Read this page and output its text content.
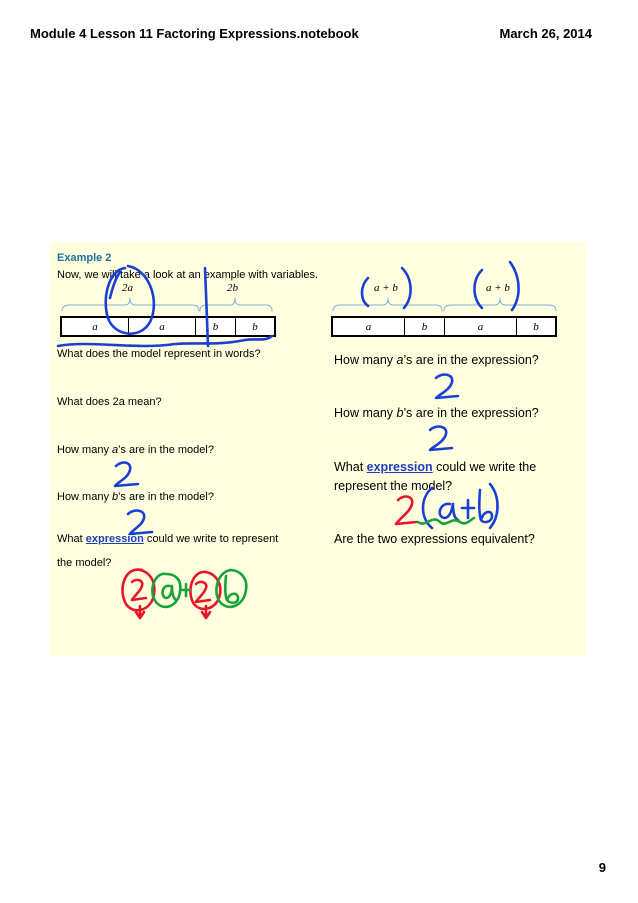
Module 4 Lesson 11 Factoring Expressions.notebook	March 26, 2014
Example 2
Now, we will take a look at an example with variables.
2a	2b
a	a	b	b
What does the model represent in words?
What does 2a mean?
How many a’s are in the model?
How many b’s are in the model?
What expression could we write to represent
the model?
a + b	a + b
a	b	a	b
How many a’s are in the expression?
How many b’s are in the expression?
What expression could we write the
represent the model?
Are the two expressions equivalent?
9
